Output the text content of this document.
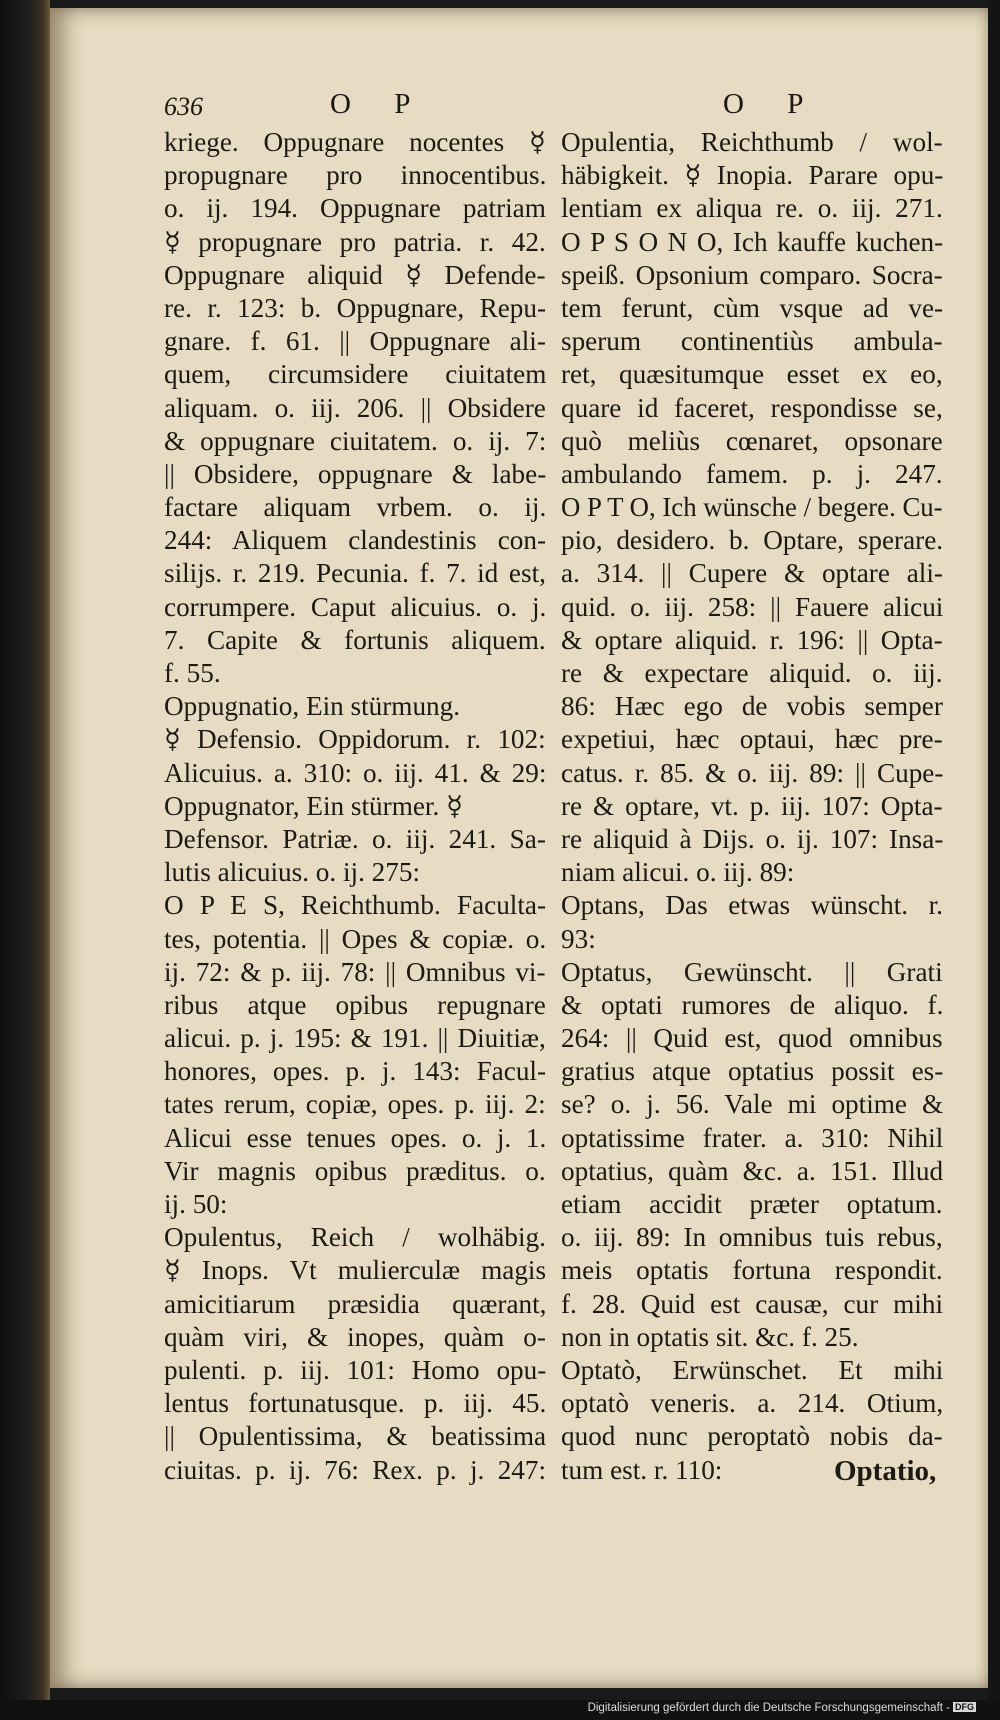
636	O P	O P
kriege. Oppugnare nocentes ☿
propugnare pro innocentibus.
o. ij. 194. Oppugnare patriam
☿ propugnare pro patria. r. 42.
Oppugnare aliquid ☿ Defende-
re. r. 123: b. Oppugnare, Repu-
gnare. f. 61. || Oppugnare ali-
quem, circumsidere ciuitatem
aliquam. o. iij. 206. || Obsidere
& oppugnare ciuitatem. o. ij. 7:
|| Obsidere, oppugnare & labe-
factare aliquam vrbem. o. ij.
244: Aliquem clandestinis con-
silijs. r. 219. Pecunia. f. 7. id est,
corrumpere. Caput alicuius. o. j.
7. Capite & fortunis aliquem.
f. 55.
Oppugnatio, Ein stürmung.
☿ Defensio. Oppidorum. r. 102:
Alicuius. a. 310: o. iij. 41. & 29:
Oppugnator, Ein stürmer. ☿
Defensor. Patriæ. o. iij. 241. Sa-
lutis alicuius. o. ij. 275:
O P E S, Reichthumb. Faculta-
tes, potentia. || Opes & copiæ. o.
ij. 72: & p. iij. 78: || Omnibus vi-
ribus atque opibus repugnare
alicui. p. j. 195: & 191. || Diuitiæ,
honores, opes. p. j. 143: Facul-
tates rerum, copiæ, opes. p. iij. 2:
Alicui esse tenues opes. o. j. 1.
Vir magnis opibus præditus. o.
ij. 50:
Opulentus, Reich / wolhäbig.
☿ Inops. Vt mulierculæ magis
amicitiarum præsidia quærant,
quàm viri, & inopes, quàm o-
pulenti. p. iij. 101: Homo opu-
lentus fortunatusque. p. iij. 45.
|| Opulentissima, & beatissima
ciuitas. p. ij. 76: Rex. p. j. 247:
Opulentia, Reichthumb / wol-
häbigkeit. ☿ Inopia. Parare opu-
lentiam ex aliqua re. o. iij. 271.
O P S O N O, Ich kauffe kuchen-
speiß. Opsonium comparo. Socra-
tem ferunt, cùm vsque ad ve-
sperum continentiùs ambula-
ret, quæsitumque esset ex eo,
quare id faceret, respondisse se,
quò meliùs cœnaret, opsonare
ambulando famem. p. j. 247.
O P T O, Ich wünsche / begere. Cu-
pio, desidero. b. Optare, sperare.
a. 314. || Cupere & optare ali-
quid. o. iij. 258: || Fauere alicui
& optare aliquid. r. 196: || Opta-
re & expectare aliquid. o. iij.
86: Hæc ego de vobis semper
expetiui, hæc optaui, hæc pre-
catus. r. 85. & o. iij. 89: || Cupe-
re & optare, vt. p. iij. 107: Opta-
re aliquid à Dijs. o. ij. 107: Insa-
niam alicui. o. iij. 89:
Optans, Das etwas wünscht. r.
93:
Optatus, Gewünscht. || Grati
& optati rumores de aliquo. f.
264: || Quid est, quod omnibus
gratius atque optatius possit es-
se? o. j. 56. Vale mi optime &
optatissime frater. a. 310: Nihil
optatius, quàm &c. a. 151. Illud
etiam accidit præter optatum.
o. iij. 89: In omnibus tuis rebus,
meis optatis fortuna respondit.
f. 28. Quid est causæ, cur mihi
non in optatis sit. &c. f. 25.
Optatò, Erwünschet. Et mihi
optatò veneris. a. 214. Otium,
quod nunc peroptatò nobis da-
tum est. r. 110:	Optatio,
Digitalisierung gefördert durch die Deutsche Forschungsgemeinschaft - DFG
